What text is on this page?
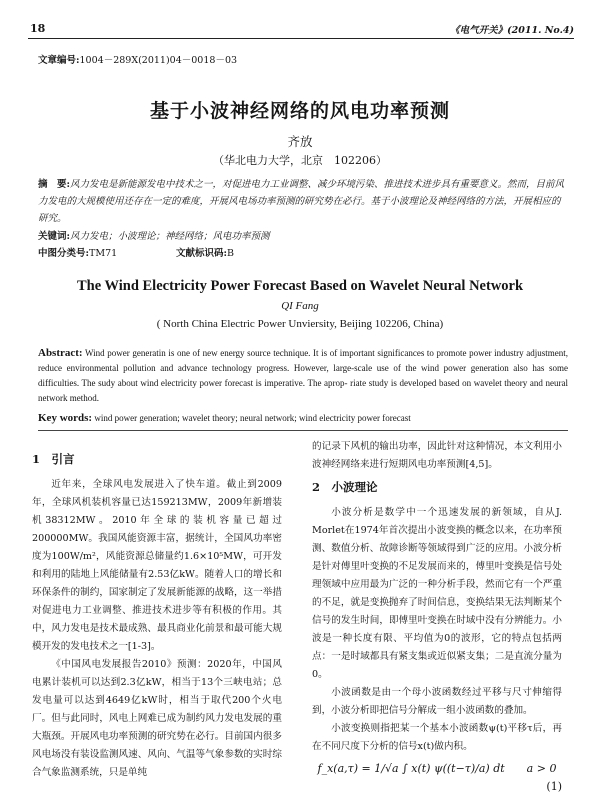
18	《电气开关》(2011. No.4)
文章编号:1004－289X(2011)04－0018－03
基于小波神经网络的风电功率预测
齐放
（华北电力大学，北京　102206）
摘　要:风力发电是新能源发电中技术之一，对促进电力工业调整、减少环境污染、推进技术进步具有重要意义。然而，目前风力发电的大规模使用还存在一定的难度，开展风电场功率预测的研究势在必行。基于小波理论及神经网络的方法，开展相应的研究。
关键词:风力发电；小波理论；神经网络；风电功率预测
中图分类号:TM71	文献标识码:B
The Wind Electricity Power Forecast Based on Wavelet Neural Network
QI Fang
( North China Electric Power Unviersity, Beijing 102206, China)
Abstract: Wind power generatin is one of new energy source technique. It is of important significances to promote power industry adjustment, reduce environmental pollution and advance technology progress. However, large-scale use of the wind power generation also has some difficulties. The sudy about wind electricity power forecast is imperative. The aprop- riate study is developed based on wavelet theory and neural network method.
Key words: wind power generation; wavelet theory; neural network; wind electricity power forecast
1　引言

近年来，全球风电发展进入了快车道。截止到2009年，全球风机装机容量已达159213MW，2009年新增装机38312MW。2010年全球的装机容量已超过200000MW。我国风能资源丰富，据统计，全国风功率密度为100W/m²，风能资源总储量约1.6×10⁵MW，可开发和利用的陆地上风能储量有2.53亿kW。随着人口的增长和环保条件的制约，国家制定了发展新能源的战略，这一举措对促进电力工业调整、推进技术进步等有积极的作用。其中，风力发电是技术最成熟、最具商业化前景和最可能大规模开发的发电技术之一[1-3]。

《中国风电发展报告2010》预测：2020年，中国风电累计装机可以达到2.3亿kW，相当于13个三峡电站；总发电量可以达到4649亿kW时，相当于取代200个火电厂。但与此同时，风电上网难已成为制约风力发电发展的重大瓶颈。开展风电功率预测的研究势在必行。目前国内很多风电场没有装设监测风速、风向、气温等气象参数的实时综合气象监测系统，只是单纯

的记录下风机的输出功率，因此针对这种情况，本文利用小波神经网络来进行短期风电功率预测[4,5]。

2　小波理论

小波分析是数学中一个迅速发展的新领域，自从J. Morlet在1974年首次提出小波变换的概念以来，在功率预测、数值分析、故障诊断等领域得到广泛的应用。小波分析是针对傅里叶变换的不足发展而来的，傅里叶变换是信号处理领域中应用最为广泛的一种分析手段，然而它有一个严重的不足，就是变换抛弃了时间信息，变换结果无法判断某个信号的发生时间，即傅里叶变换在时域中没有分辨能力。小波是一种长度有限、平均值为0的波形，它的特点包括两点：一是时域都具有紧支集或近似紧支集；二是直流分量为0。

小波函数是由一个母小波函数经过平移与尺寸伸缩得到，小波分析即把信号分解成一组小波函数的叠加。

小波变换则指把某一个基本小波函数ψ(t)平移τ后，再在不同尺度下分析的信号x(t)做内积。

f_x(a,τ) = 1/√a ∫ x(t) ψ((t−τ)/a) dt　　a > 0
(1)
